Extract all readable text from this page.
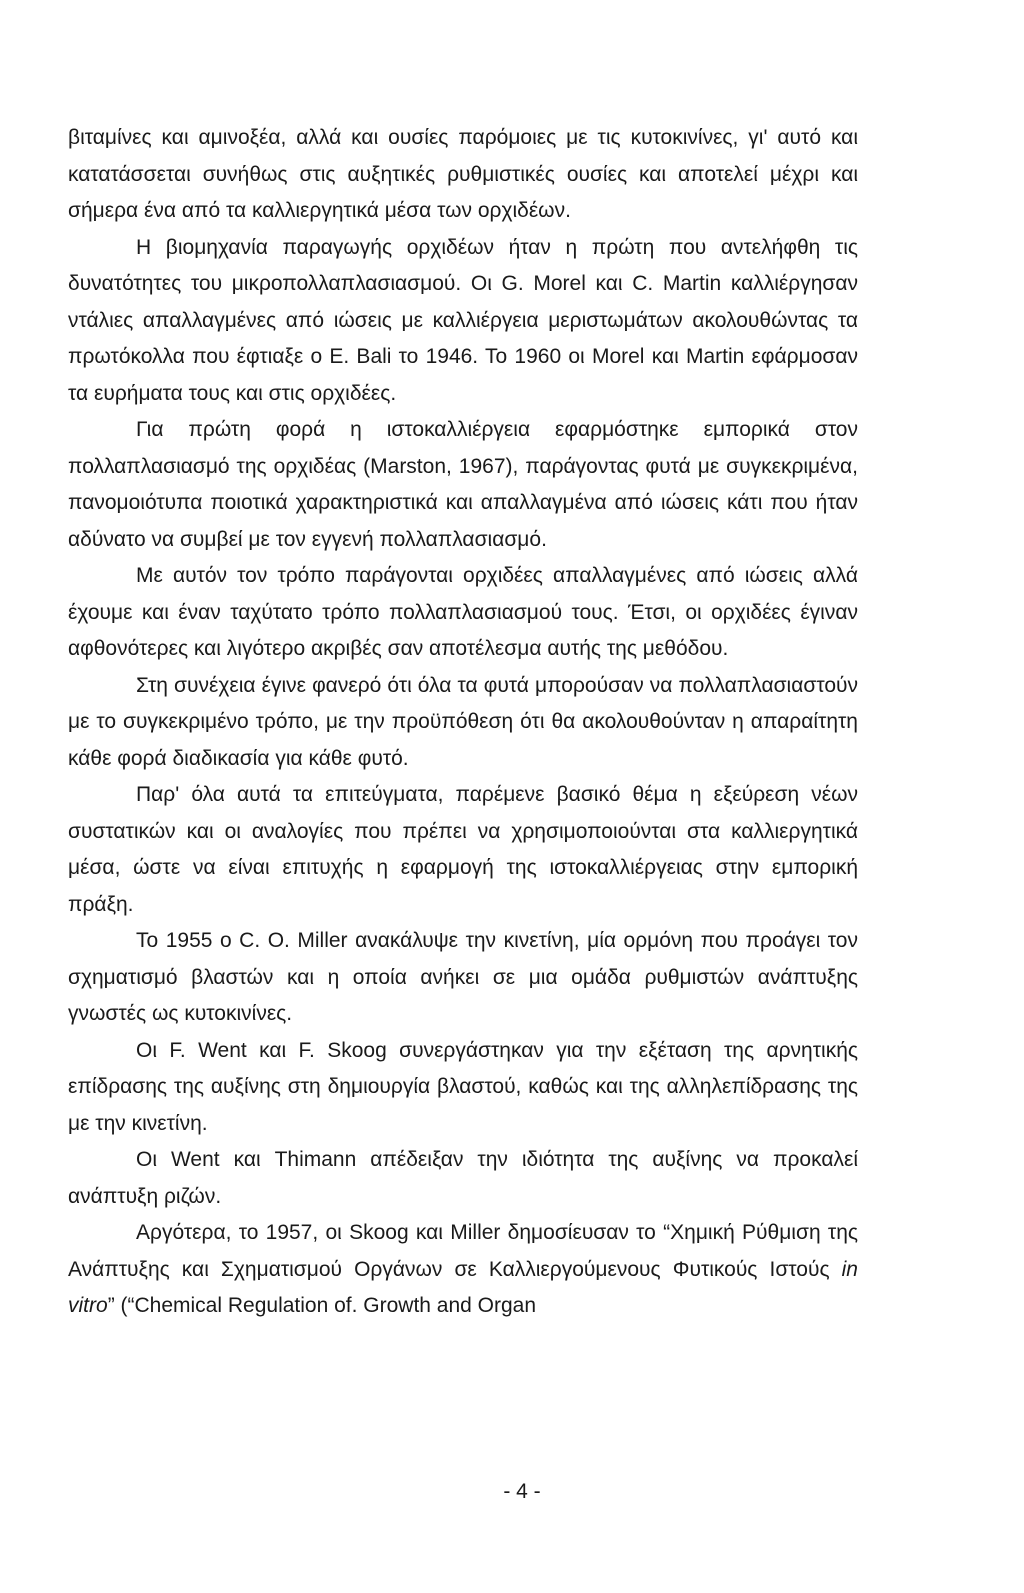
βιταμίνες και αμινοξέα, αλλά και ουσίες παρόμοιες με τις κυτοκινίνες, γι' αυτό και κατατάσσεται συνήθως στις αυξητικές ρυθμιστικές ουσίες και αποτελεί μέχρι και σήμερα ένα από τα καλλιεργητικά μέσα των ορχιδέων.

Η βιομηχανία παραγωγής ορχιδέων ήταν η πρώτη που αντελήφθη τις δυνατότητες του μικροπολλαπλασιασμού. Οι G. Morel και C. Martin καλλιέργησαν ντάλιες απαλλαγμένες από ιώσεις με καλλιέργεια μεριστωμάτων ακολουθώντας τα πρωτόκολλα που έφτιαξε ο E. Bali το 1946. Το 1960 οι Morel και Martin εφάρμοσαν τα ευρήματα τους και στις ορχιδέες.

Για πρώτη φορά η ιστοκαλλιέργεια εφαρμόστηκε εμπορικά στον πολλαπλασιασμό της ορχιδέας (Marston, 1967), παράγοντας φυτά με συγκεκριμένα, πανομοιότυπα ποιοτικά χαρακτηριστικά και απαλλαγμένα από ιώσεις κάτι που ήταν αδύνατο να συμβεί με τον εγγενή πολλαπλασιασμό.

Με αυτόν τον τρόπο παράγονται ορχιδέες απαλλαγμένες από ιώσεις αλλά έχουμε και έναν ταχύτατο τρόπο πολλαπλασιασμού τους. Έτσι, οι ορχιδέες έγιναν αφθονότερες και λιγότερο ακριβές σαν αποτέλεσμα αυτής της μεθόδου.

Στη συνέχεια έγινε φανερό ότι όλα τα φυτά μπορούσαν να πολλαπλασιαστούν με το συγκεκριμένο τρόπο, με την προϋπόθεση ότι θα ακολουθούνταν η απαραίτητη κάθε φορά διαδικασία για κάθε φυτό.

Παρ' όλα αυτά τα επιτεύγματα, παρέμενε βασικό θέμα η εξεύρεση νέων συστατικών και οι αναλογίες που πρέπει να χρησιμοποιούνται στα καλλιεργητικά μέσα, ώστε να είναι επιτυχής η εφαρμογή της ιστοκαλλιέργειας στην εμπορική πράξη.

Το 1955 ο C. O. Miller ανακάλυψε την κινετίνη, μία ορμόνη που προάγει τον σχηματισμό βλαστών και η οποία ανήκει σε μια ομάδα ρυθμιστών ανάπτυξης γνωστές ως κυτοκινίνες.

Οι F. Went και F. Skoog συνεργάστηκαν για την εξέταση της αρνητικής επίδρασης της αυξίνης στη δημιουργία βλαστού, καθώς και της αλληλεπίδρασης της με την κινετίνη.

Οι Went και Thimann απέδειξαν την ιδιότητα της αυξίνης να προκαλεί ανάπτυξη ριζών.

Αργότερα, το 1957, οι Skoog και Miller δημοσίευσαν το “Χημική Ρύθμιση της Ανάπτυξης και Σχηματισμού Οργάνων σε Καλλιεργούμενους Φυτικούς Ιστούς in vitro” (“Chemical Regulation of. Growth and Organ

- 4 -
